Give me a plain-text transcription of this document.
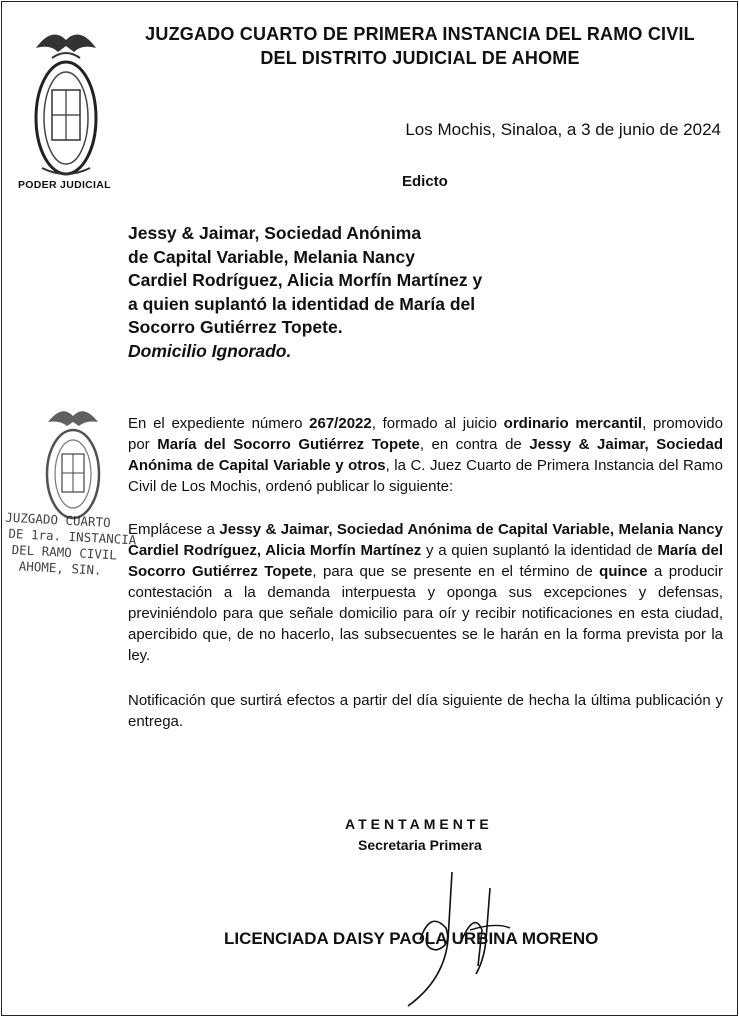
PODER JUDICIAL
JUZGADO CUARTO DE PRIMERA INSTANCIA DEL RAMO CIVIL
DEL DISTRITO JUDICIAL DE AHOME
Los Mochis, Sinaloa, a 3 de junio de 2024
Edicto
Jessy & Jaimar, Sociedad Anónima
de Capital Variable, Melania Nancy
Cardiel Rodríguez, Alicia Morfín Martínez y
a quien suplantó la identidad de María del
Socorro Gutiérrez Topete.
Domicilio Ignorado.
JUZGADO CUARTO
DE 1ra. INSTANCIA
DEL RAMO CIVIL
AHOME, SIN.
En el expediente número 267/2022, formado al juicio ordinario mercantil, promovido por María del Socorro Gutiérrez Topete, en contra de Jessy & Jaimar, Sociedad Anónima de Capital Variable y otros, la C. Juez Cuarto de Primera Instancia del Ramo Civil de Los Mochis, ordenó publicar lo siguiente:
Emplácese a Jessy & Jaimar, Sociedad Anónima de Capital Variable, Melania Nancy Cardiel Rodríguez, Alicia Morfín Martínez y a quien suplantó la identidad de María del Socorro Gutiérrez Topete, para que se presente en el término de quince a producir contestación a la demanda interpuesta y oponga sus excepciones y defensas, previniéndolo para que señale domicilio para oír y recibir notificaciones en esta ciudad, apercibido que, de no hacerlo, las subsecuentes se le harán en la forma prevista por la ley.
Notificación que surtirá efectos a partir del día siguiente de hecha la última publicación y entrega.
ATENTAMENTE
Secretaria Primera
LICENCIADA DAISY PAOLA URBINA MORENO
